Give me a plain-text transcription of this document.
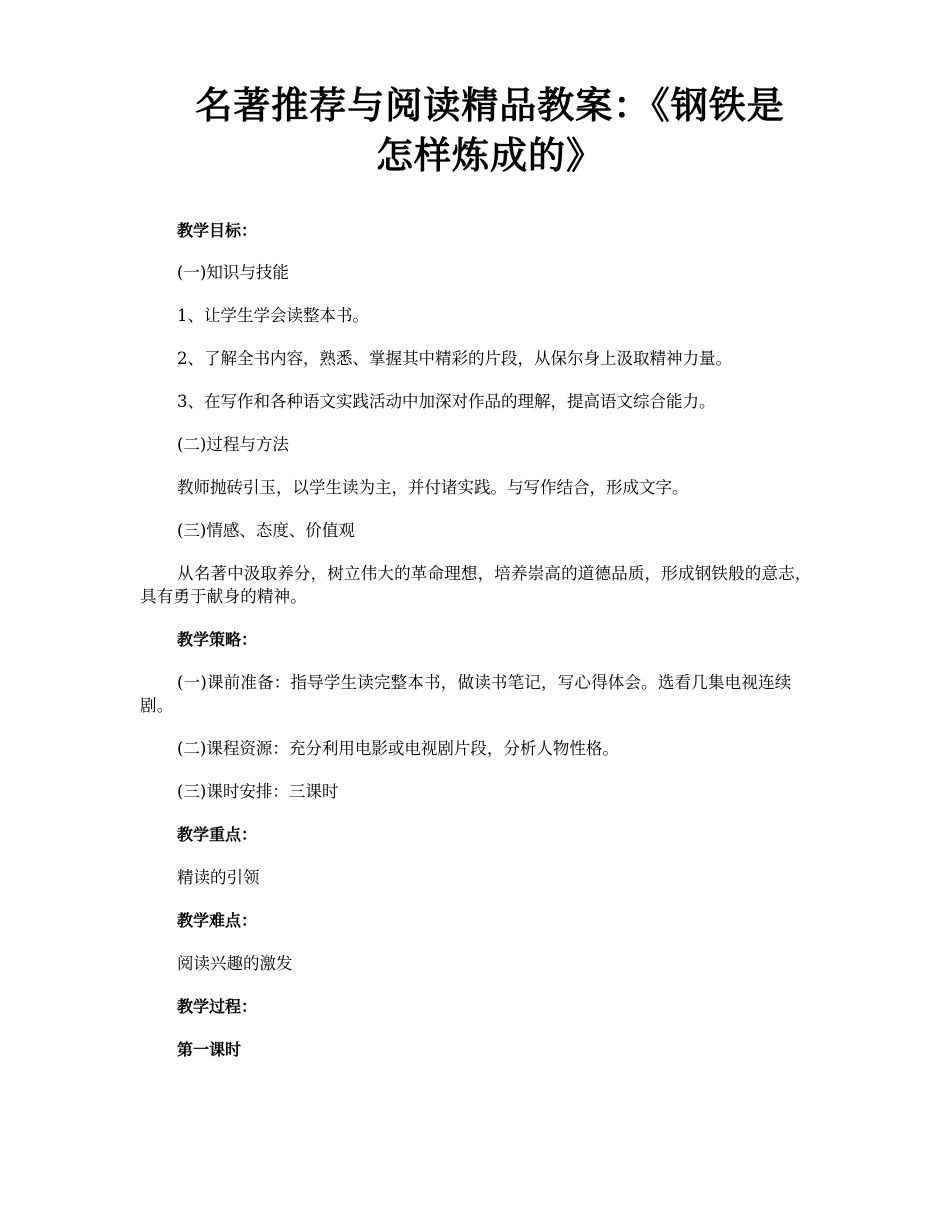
名著推荐与阅读精品教案：《钢铁是
怎样炼成的》

教学目标：

(一)知识与技能

1、让学生学会读整本书。

2、了解全书内容，熟悉、掌握其中精彩的片段，从保尔身上汲取精神力量。

3、在写作和各种语文实践活动中加深对作品的理解，提高语文综合能力。

(二)过程与方法

教师抛砖引玉，以学生读为主，并付诸实践。与写作结合，形成文字。

(三)情感、态度、价值观

从名著中汲取养分，树立伟大的革命理想，培养崇高的道德品质，形成钢铁般的意志，具有勇于献身的精神。

教学策略：

(一)课前准备：指导学生读完整本书，做读书笔记，写心得体会。选看几集电视连续剧。

(二)课程资源：充分利用电影或电视剧片段，分析人物性格。

(三)课时安排：三课时

教学重点：

精读的引领

教学难点：

阅读兴趣的激发

教学过程：

第一课时
